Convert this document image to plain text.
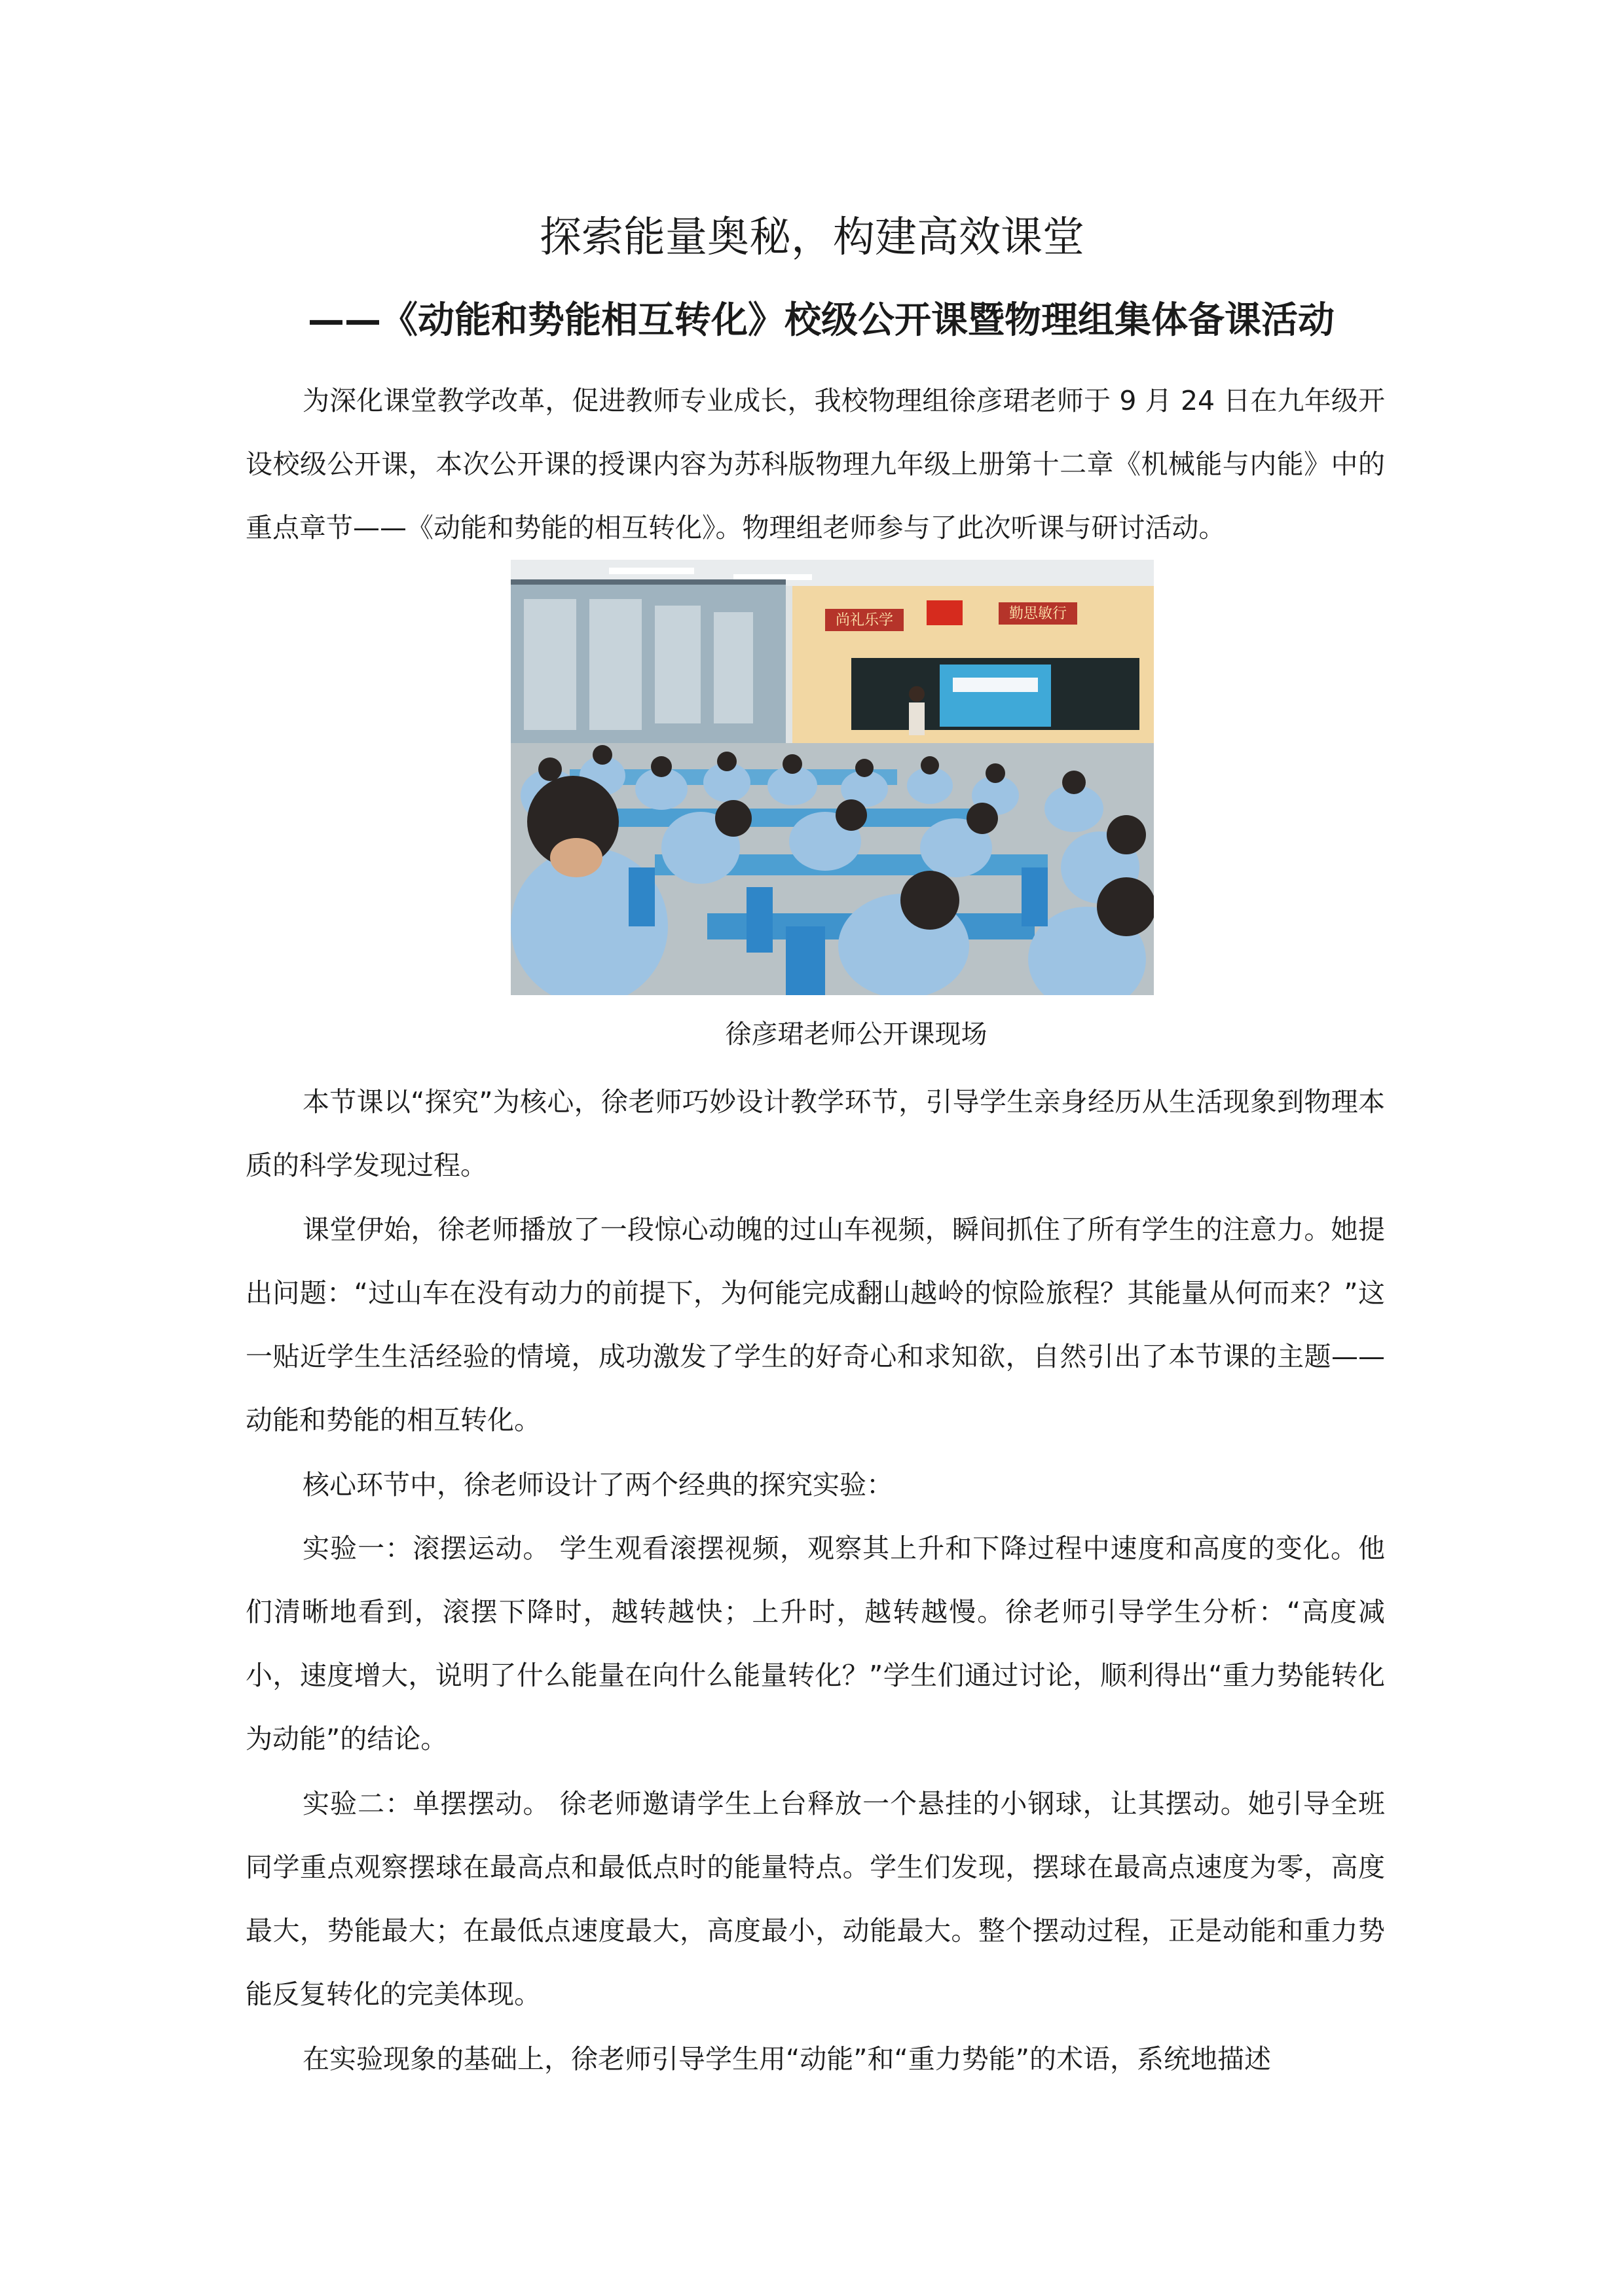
探索能量奥秘，构建高效课堂
——《动能和势能相互转化》校级公开课暨物理组集体备课活动

为深化课堂教学改革，促进教师专业成长，我校物理组徐彦珺老师于 9 月 24 日在九年级开设校级公开课，本次公开课的授课内容为苏科版物理九年级上册第十二章《机械能与内能》中的重点章节——《动能和势能的相互转化》。物理组老师参与了此次听课与研讨活动。

尚礼乐学	勤思敏行

徐彦珺老师公开课现场

本节课以“探究”为核心，徐老师巧妙设计教学环节，引导学生亲身经历从生活现象到物理本质的科学发现过程。

课堂伊始，徐老师播放了一段惊心动魄的过山车视频，瞬间抓住了所有学生的注意力。她提出问题：“过山车在没有动力的前提下，为何能完成翻山越岭的惊险旅程？其能量从何而来？”这一贴近学生生活经验的情境，成功激发了学生的好奇心和求知欲，自然引出了本节课的主题——动能和势能的相互转化。

核心环节中，徐老师设计了两个经典的探究实验：

实验一：滚摆运动。 学生观看滚摆视频，观察其上升和下降过程中速度和高度的变化。他们清晰地看到，滚摆下降时，越转越快；上升时，越转越慢。徐老师引导学生分析：“高度减小，速度增大，说明了什么能量在向什么能量转化？”学生们通过讨论，顺利得出“重力势能转化为动能”的结论。

实验二：单摆摆动。 徐老师邀请学生上台释放一个悬挂的小钢球，让其摆动。她引导全班同学重点观察摆球在最高点和最低点时的能量特点。学生们发现，摆球在最高点速度为零，高度最大，势能最大；在最低点速度最大，高度最小，动能最大。整个摆动过程，正是动能和重力势能反复转化的完美体现。

在实验现象的基础上，徐老师引导学生用“动能”和“重力势能”的术语，系统地描述
